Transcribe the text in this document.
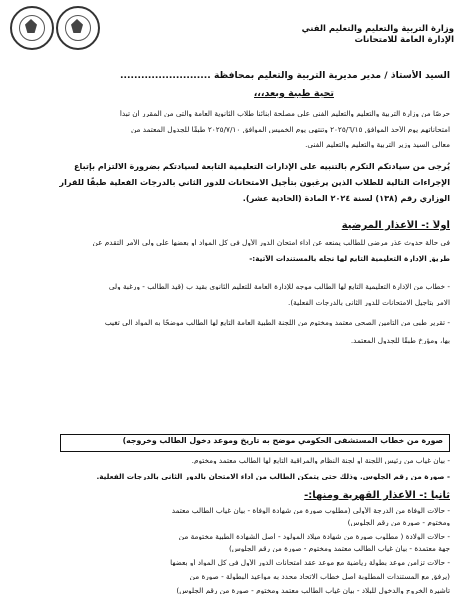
وزارة التربية والتعليم والتعليم الفني
الإدارة العامة للامتحانات
السيد الأستاذ / مدير مديرية التربية والتعليم بمحافظة ..........................
تحية طيبة وبعد،،،
حرصًا من وزارة التربية والتعليم والتعليم الفني على مصلحة ابنائنا طلاب الثانوية العامة والتي من المقرر أن تبدأ
امتحاناتهم يوم الأحد الموافق ٢٠٢٥/٦/١٥ وتنتهي يوم الخميس الموافق ٢٠٢٥/٧/١٠ طبقًا للجدول المعتمد من
معالي السيد وزير التربية والتعليم والتعليم الفني.
يُرجى من سيادتكم التكرم بالتنبيه على الإدارات التعليمية التابعة لسيادتكم بضرورة الالتزام بإتباع
الإجراءات التالية للطلاب الذين يرغبون بتأجيل الامتحانات للدور الثاني بالدرجات الفعلية طبقًا للقرار
الوزاري رقم (١٣٨) لسنة ٢٠٢٤ المادة (الحادية عشر).
أولاً :- الأعذار المرضية
في حالة حدوث عذر مرضي للطالب يمنعه عن أداء امتحان الدور الأول في كل المواد أو بعضها على ولي الأمر التقدم عن
طريق الإدارة التعليمية التابع لها نجله بالمستندات الآتية:-
- خطاب من الإدارة التعليمية التابع لها الطالب موجه للإدارة العامة للتعليم الثانوي بقيد ب (قيد الطالب - ورغبة ولي
الامر بتأجيل الامتحانات للدور الثاني بالدرجات الفعلية).
- تقرير طبي من التأمين الصحي معتمد ومختوم من اللجنة الطبية العامة التابع لها الطالب موضحًا به المواد الى تغيب
بها، ومؤرخ طبقًا للجدول المعتمد.
صورة من خطاب المستشفى الحكومي موضح به تاريخ وموعد دخول الطالب وخروجه)
- بيان غياب من رئيس اللجنة أو لجنة النظام والمراقبة التابع لها الطالب معتمد ومختوم.
- صورة من رقم الجلوس. وذلك حتى يتمكن الطالب من أداء الامتحان بالدور الثاني بالدرجات الفعلية.
ثانيا :- الأعذار القهرية ومنها:-
- حالات الوفاة من الدرجة الأولى (مطلوب صورة من شهادة الوفاة - بيان غياب الطالب معتمد
ومختوم - صورة من رقم الجلوس)
- حالات الولادة ( مطلوب صورة من شهادة ميلاد المولود - أصل الشهادة الطبية مختومة من
جهة معتمدة - بيان غياب الطالب معتمد ومختوم - صورة من رقم الجلوس)
- حالات تزامن موعد بطولة رياضية مع موعد عقد امتحانات الدور الأول في كل المواد أو بعضها
(يرفق مع المستندات المطلوبة أصل خطاب الاتحاد محدد به مواعيد البطولة - صورة من
تأشيرة الخروج والدخول للبلاد - بيان غياب الطالب معتمد ومختوم - صورة من رقم الجلوس)
